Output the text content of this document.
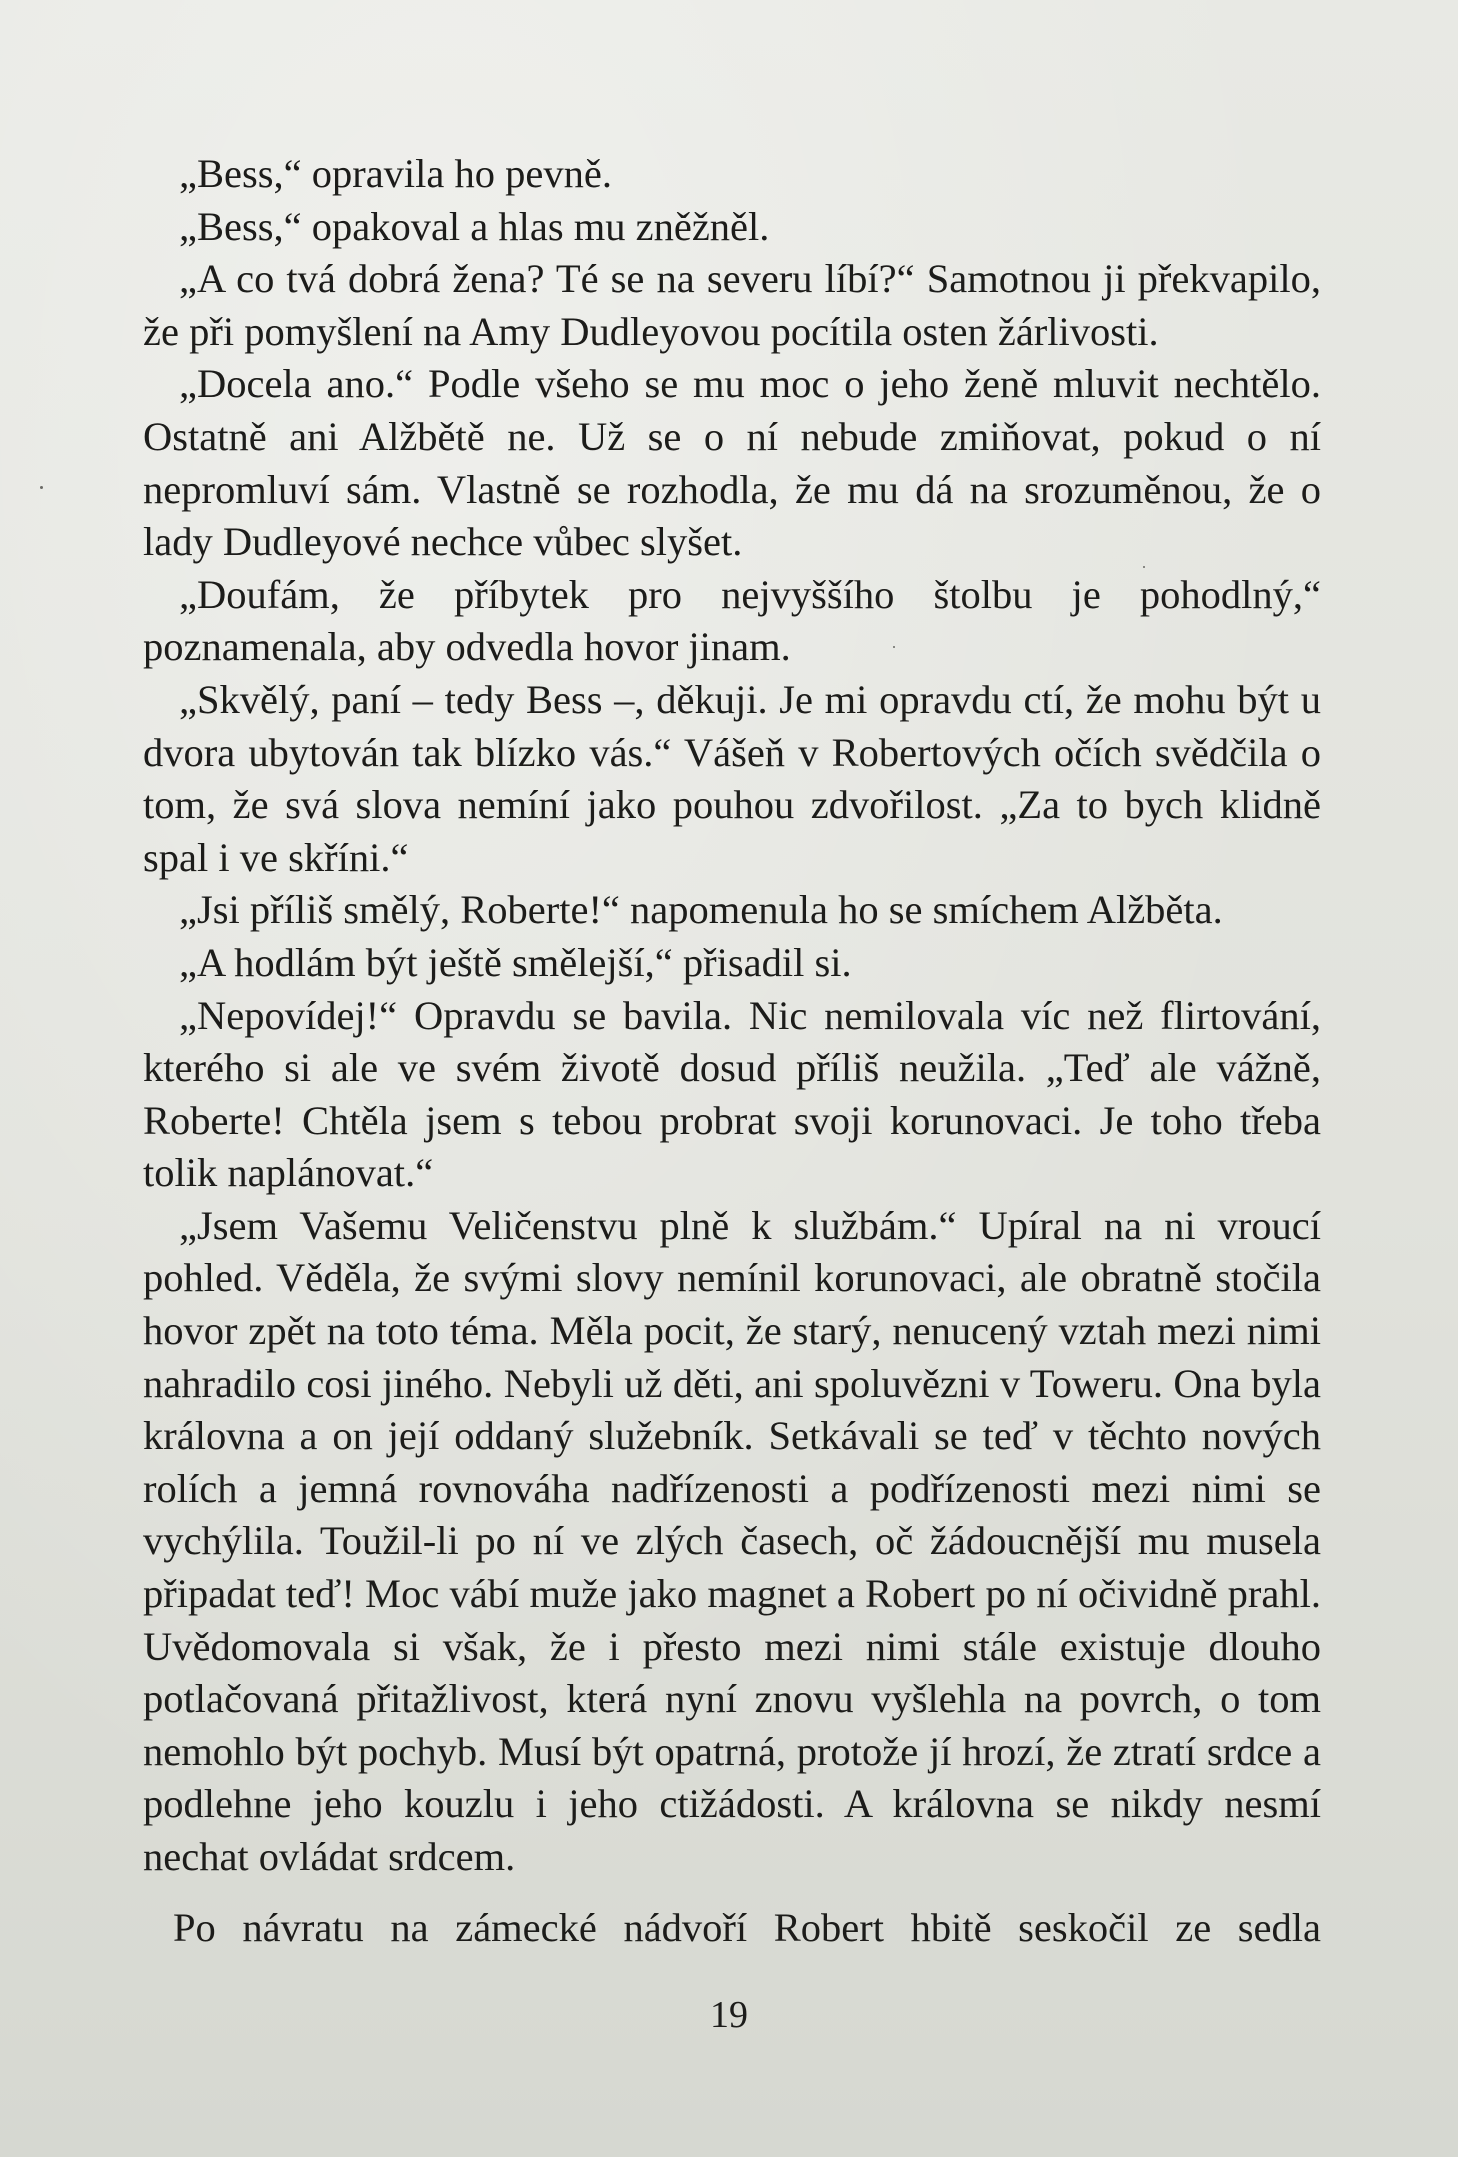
„Bess,“ opravila ho pevně.

„Bess,“ opakoval a hlas mu zněžněl.

„A co tvá dobrá žena? Té se na severu líbí?“ Samotnou ji překvapilo, že při pomyšlení na Amy Dudleyovou pocítila osten žárlivosti.

„Docela ano.“ Podle všeho se mu moc o jeho ženě mluvit nechtělo. Ostatně ani Alžbětě ne. Už se o ní nebude zmiňovat, pokud o ní nepromluví sám. Vlastně se rozhodla, že mu dá na srozuměnou, že o lady Dudleyové nechce vůbec slyšet.

„Doufám, že příbytek pro nejvyššího štolbu je pohodlný,“ poznamenala, aby odvedla hovor jinam.

„Skvělý, paní – tedy Bess –, děkuji. Je mi opravdu ctí, že mohu být u dvora ubytován tak blízko vás.“ Vášeň v Robertových očích svědčila o tom, že svá slova nemíní jako pouhou zdvořilost. „Za to bych klidně spal i ve skříni.“

„Jsi příliš smělý, Roberte!“ napomenula ho se smíchem Alžběta.

„A hodlám být ještě smělejší,“ přisadil si.

„Nepovídej!“ Opravdu se bavila. Nic nemilovala víc než flirtování, kterého si ale ve svém životě dosud příliš neužila. „Teď ale vážně, Roberte! Chtěla jsem s tebou probrat svoji korunovaci. Je toho třeba tolik naplánovat.“

„Jsem Vašemu Veličenstvu plně k službám.“ Upíral na ni vroucí pohled. Věděla, že svými slovy nemínil korunovaci, ale obratně stočila hovor zpět na toto téma. Měla pocit, že starý, nenucený vztah mezi nimi nahradilo cosi jiného. Nebyli už děti, ani spoluvězni v Toweru. Ona byla královna a on její oddaný služebník. Setkávali se teď v těchto nových rolích a jemná rovnováha nadřízenosti a podřízenosti mezi nimi se vychýlila. Toužil-li po ní ve zlých časech, oč žádoucnější mu musela připadat teď! Moc vábí muže jako magnet a Robert po ní očividně prahl. Uvědomovala si však, že i přesto mezi nimi stále existuje dlouho potlačovaná přitažlivost, která nyní znovu vyšlehla na povrch, o tom nemohlo být pochyb. Musí být opatrná, protože jí hrozí, že ztratí srdce a podlehne jeho kouzlu i jeho ctižádosti. A královna se nikdy nesmí nechat ovládat srdcem.

Po návratu na zámecké nádvoří Robert hbitě seskočil ze sedla

19
